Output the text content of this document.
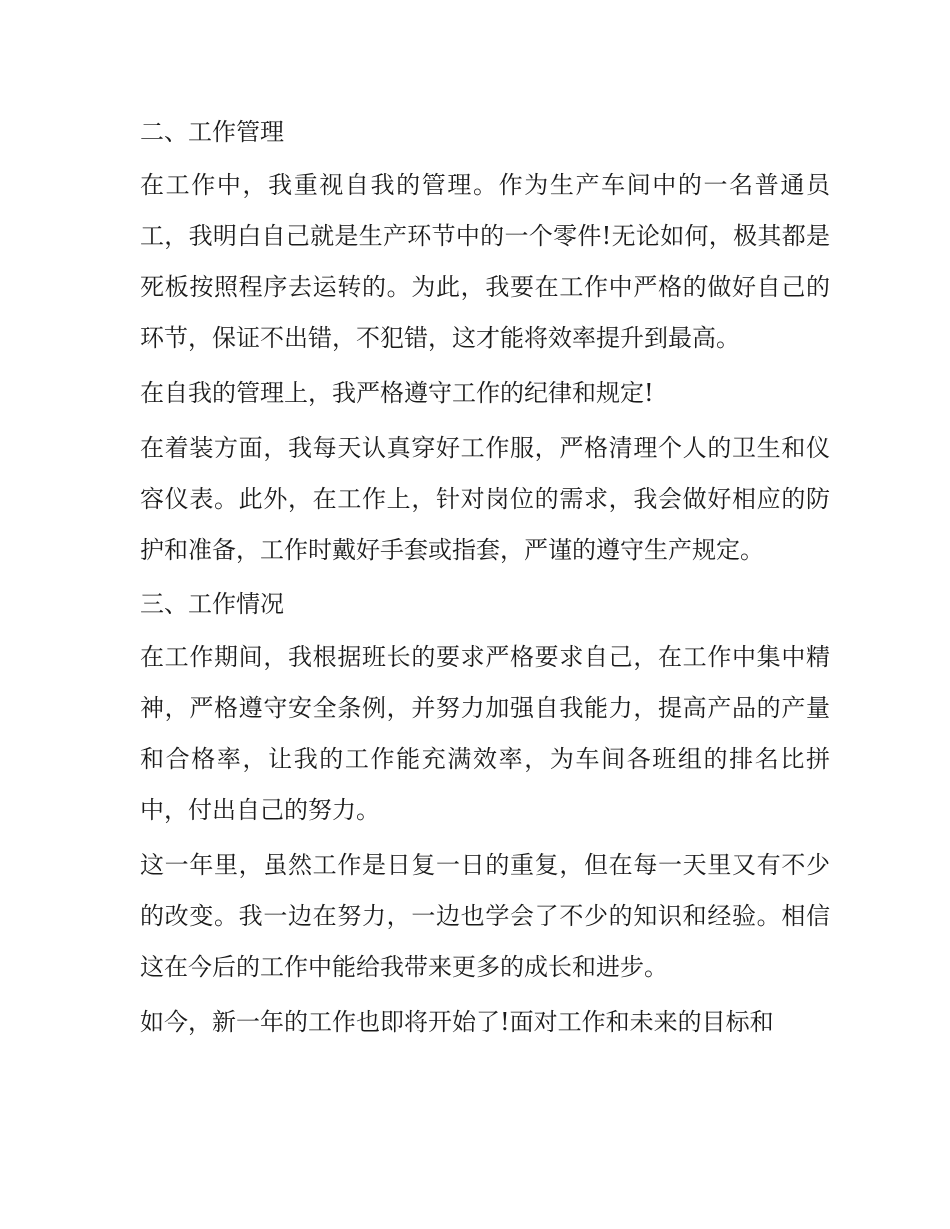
二、工作管理
在工作中，我重视自我的管理。作为生产车间中的一名普通员工，我明白自己就是生产环节中的一个零件!无论如何，极其都是死板按照程序去运转的。为此，我要在工作中严格的做好自己的环节，保证不出错，不犯错，这才能将效率提升到最高。
在自我的管理上，我严格遵守工作的纪律和规定!
在着装方面，我每天认真穿好工作服，严格清理个人的卫生和仪容仪表。此外，在工作上，针对岗位的需求，我会做好相应的防护和准备，工作时戴好手套或指套，严谨的遵守生产规定。
三、工作情况
在工作期间，我根据班长的要求严格要求自己，在工作中集中精神，严格遵守安全条例，并努力加强自我能力，提高产品的产量和合格率，让我的工作能充满效率，为车间各班组的排名比拼中，付出自己的努力。
这一年里，虽然工作是日复一日的重复，但在每一天里又有不少的改变。我一边在努力，一边也学会了不少的知识和经验。相信这在今后的工作中能给我带来更多的成长和进步。
如今，新一年的工作也即将开始了!面对工作和未来的目标和
